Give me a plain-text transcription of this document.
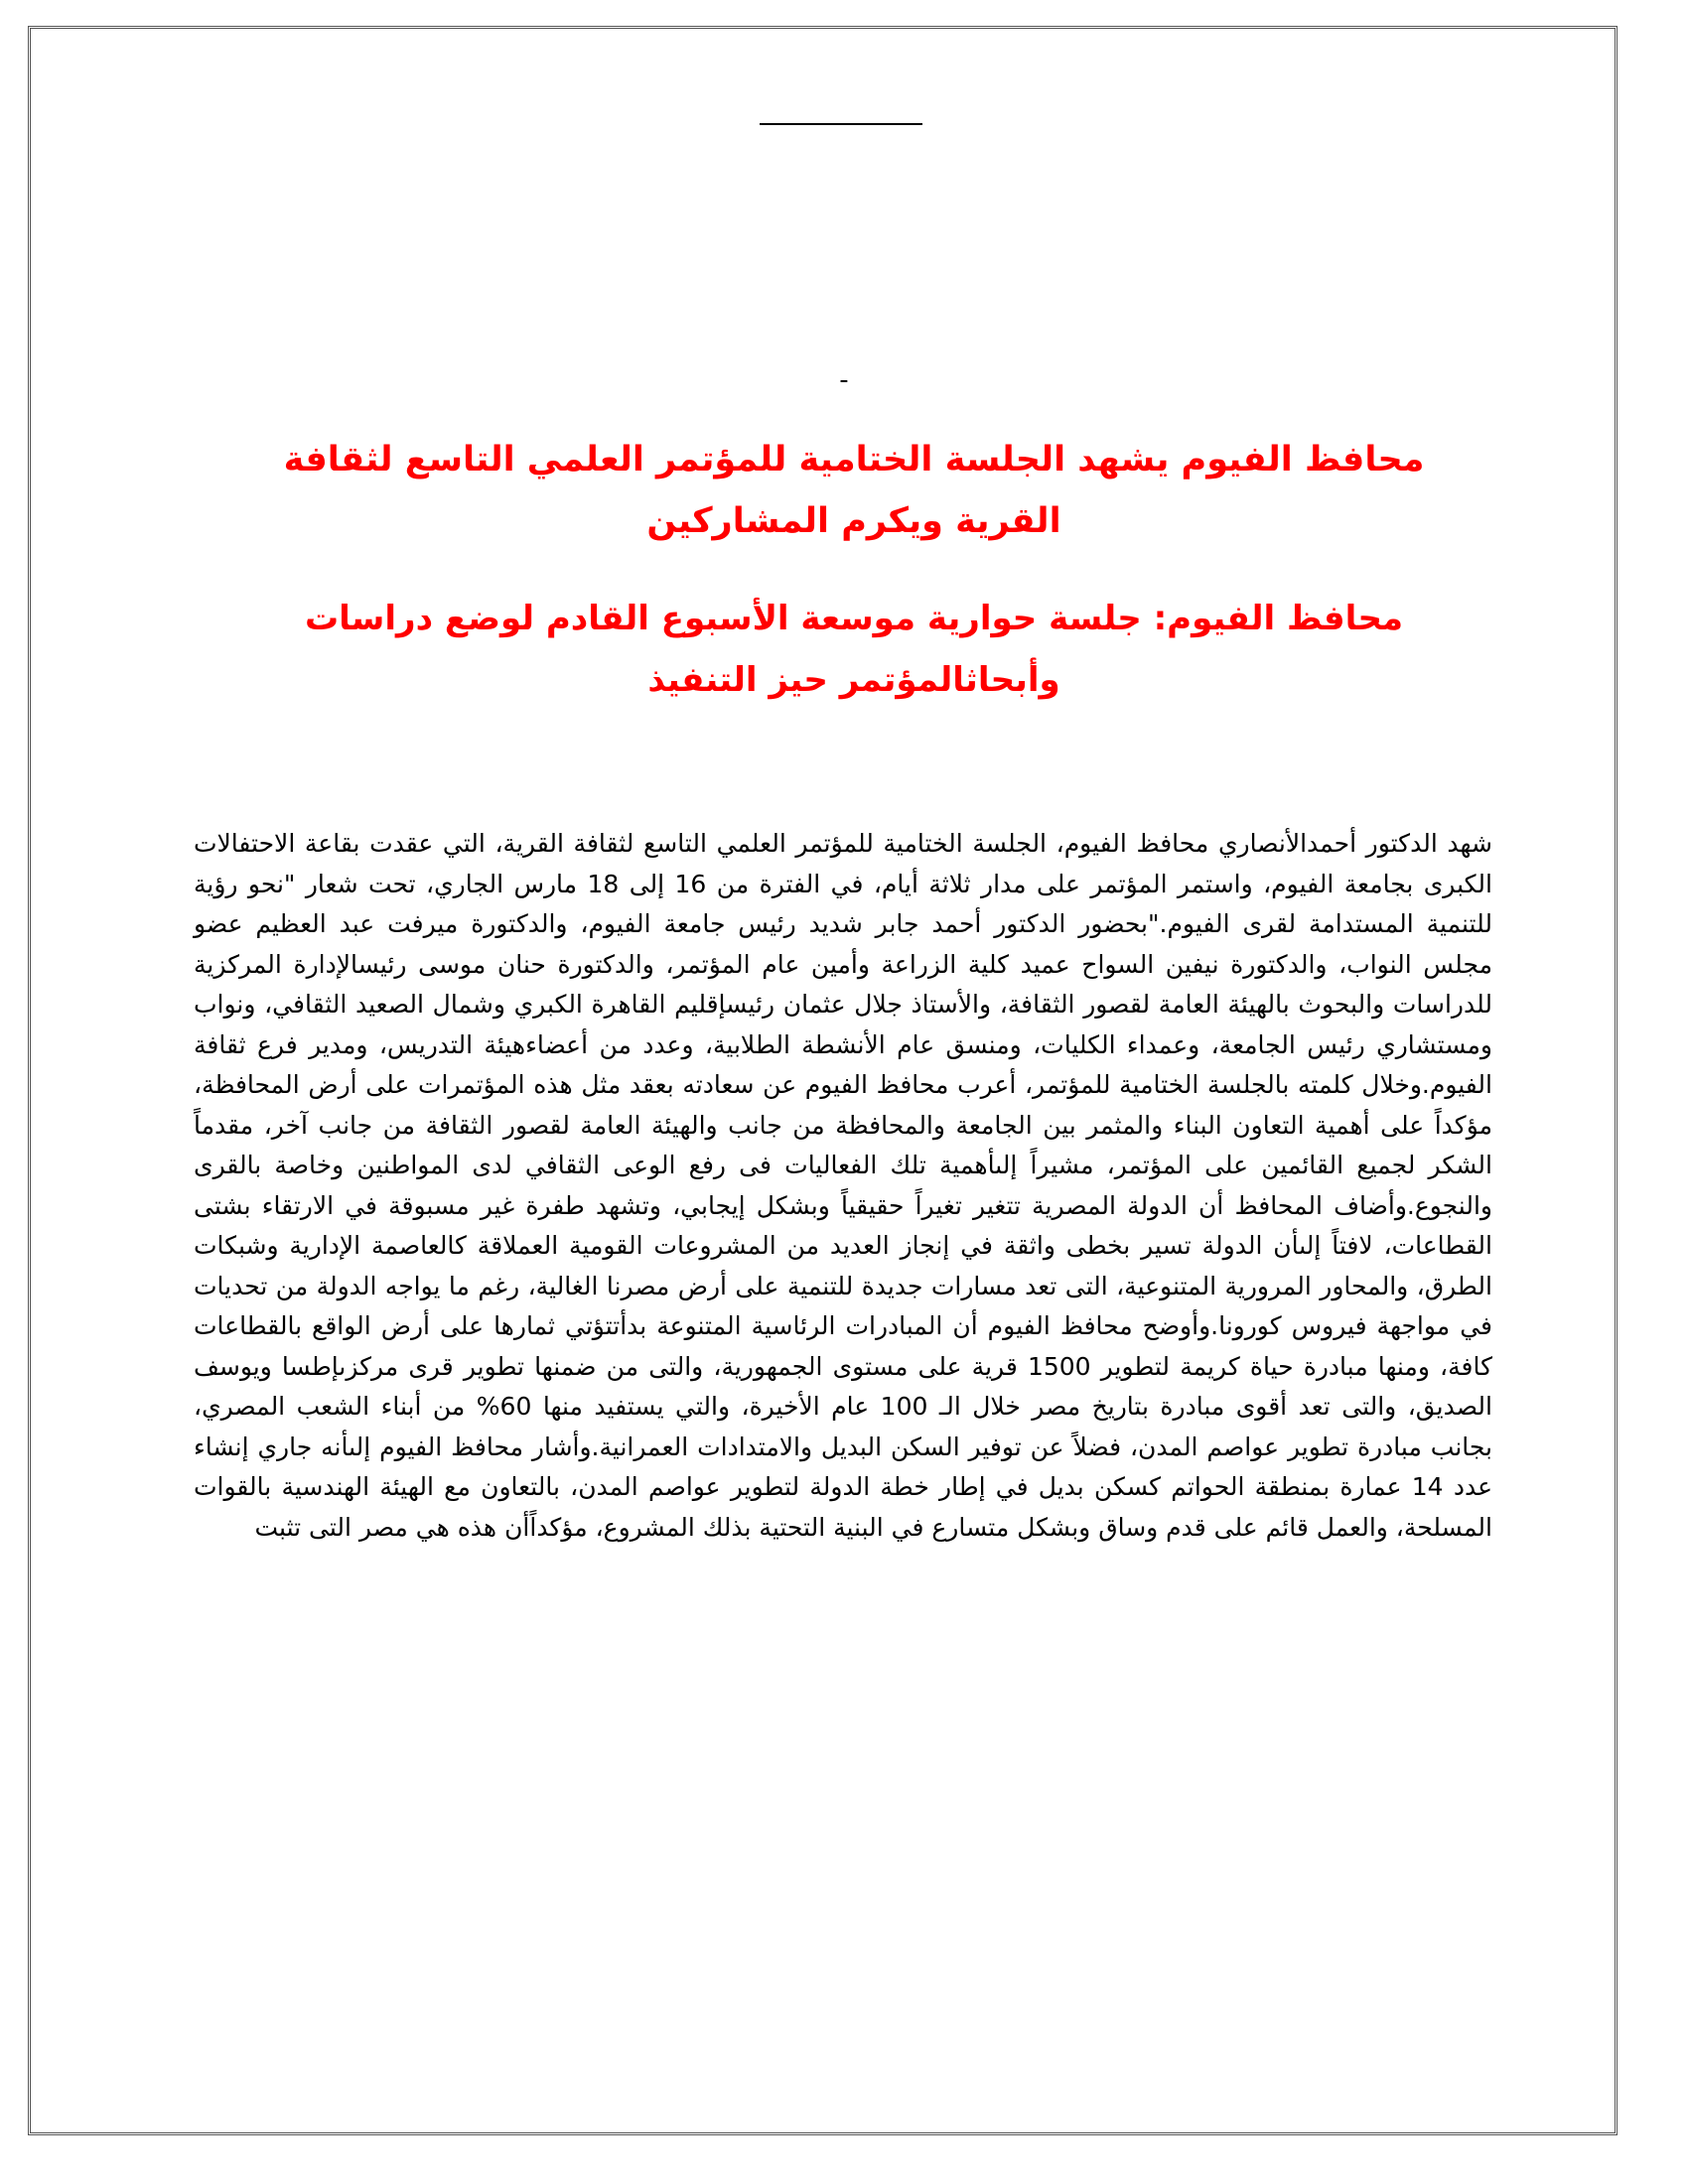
-
محافظ الفيوم يشهد الجلسة الختامية للمؤتمر العلمي التاسع لثقافة القرية ويكرم المشاركين
محافظ الفيوم: جلسة حوارية موسعة الأسبوع القادم لوضع دراسات وأبحاثالمؤتمر حيز التنفيذ

شهد الدكتور أحمدالأنصاري محافظ الفيوم، الجلسة الختامية للمؤتمر العلمي التاسع لثقافة القرية، التي عقدت بقاعة الاحتفالات الكبرى بجامعة الفيوم، واستمر المؤتمر على مدار ثلاثة أيام، في الفترة من 16 إلى 18 مارس الجاري، تحت شعار "نحو رؤية للتنمية المستدامة لقرى الفيوم."بحضور الدكتور أحمد جابر شديد رئيس جامعة الفيوم، والدكتورة ميرفت عبد العظيم عضو مجلس النواب، والدكتورة نيفين السواح عميد كلية الزراعة وأمين عام المؤتمر، والدكتورة حنان موسى رئيسالإدارة المركزية للدراسات والبحوث بالهيئة العامة لقصور الثقافة، والأستاذ جلال عثمان رئيسإقليم القاهرة الكبري وشمال الصعيد الثقافي، ونواب ومستشاري رئيس الجامعة، وعمداء الكليات، ومنسق عام الأنشطة الطلابية، وعدد من أعضاءهيئة التدريس، ومدير فرع ثقافة الفيوم.وخلال كلمته بالجلسة الختامية للمؤتمر، أعرب محافظ الفيوم عن سعادته بعقد مثل هذه المؤتمرات على أرض المحافظة، مؤكداً على أهمية التعاون البناء والمثمر بين الجامعة والمحافظة من جانب والهيئة العامة لقصور الثقافة من جانب آخر، مقدماً الشكر لجميع القائمين على المؤتمر، مشيراً إلىأهمية تلك الفعاليات فى رفع الوعى الثقافي لدى المواطنين وخاصة بالقرى والنجوع.وأضاف المحافظ أن الدولة المصرية تتغير تغيراً حقيقياً وبشكل إيجابي، وتشهد طفرة غير مسبوقة في الارتقاء بشتى القطاعات، لافتاً إلىأن الدولة تسير بخطى واثقة في إنجاز العديد من المشروعات القومية العملاقة كالعاصمة الإدارية وشبكات الطرق، والمحاور المرورية المتنوعية، التى تعد مسارات جديدة للتنمية على أرض مصرنا الغالية، رغم ما يواجه الدولة من تحديات في مواجهة فيروس كورونا.وأوضح محافظ الفيوم أن المبادرات الرئاسية المتنوعة بدأتتؤتي ثمارها على أرض الواقع بالقطاعات كافة، ومنها مبادرة حياة كريمة لتطوير 1500 قرية على مستوى الجمهورية، والتى من ضمنها تطوير قرى مركزىإطسا ويوسف الصديق، والتى تعد أقوى مبادرة بتاريخ مصر خلال الـ 100 عام الأخيرة، والتي يستفيد منها 60% من أبناء الشعب المصري، بجانب مبادرة تطوير عواصم المدن، فضلاً عن توفير السكن البديل والامتدادات العمرانية.وأشار محافظ الفيوم إلىأنه جاري إنشاء عدد 14 عمارة بمنطقة الحواتم كسكن بديل في إطار خطة الدولة لتطوير عواصم المدن، بالتعاون مع الهيئة الهندسية بالقوات المسلحة، والعمل قائم على قدم وساق وبشكل متسارع في البنية التحتية بذلك المشروع، مؤكداًأن هذه هي مصر التى تثبت
